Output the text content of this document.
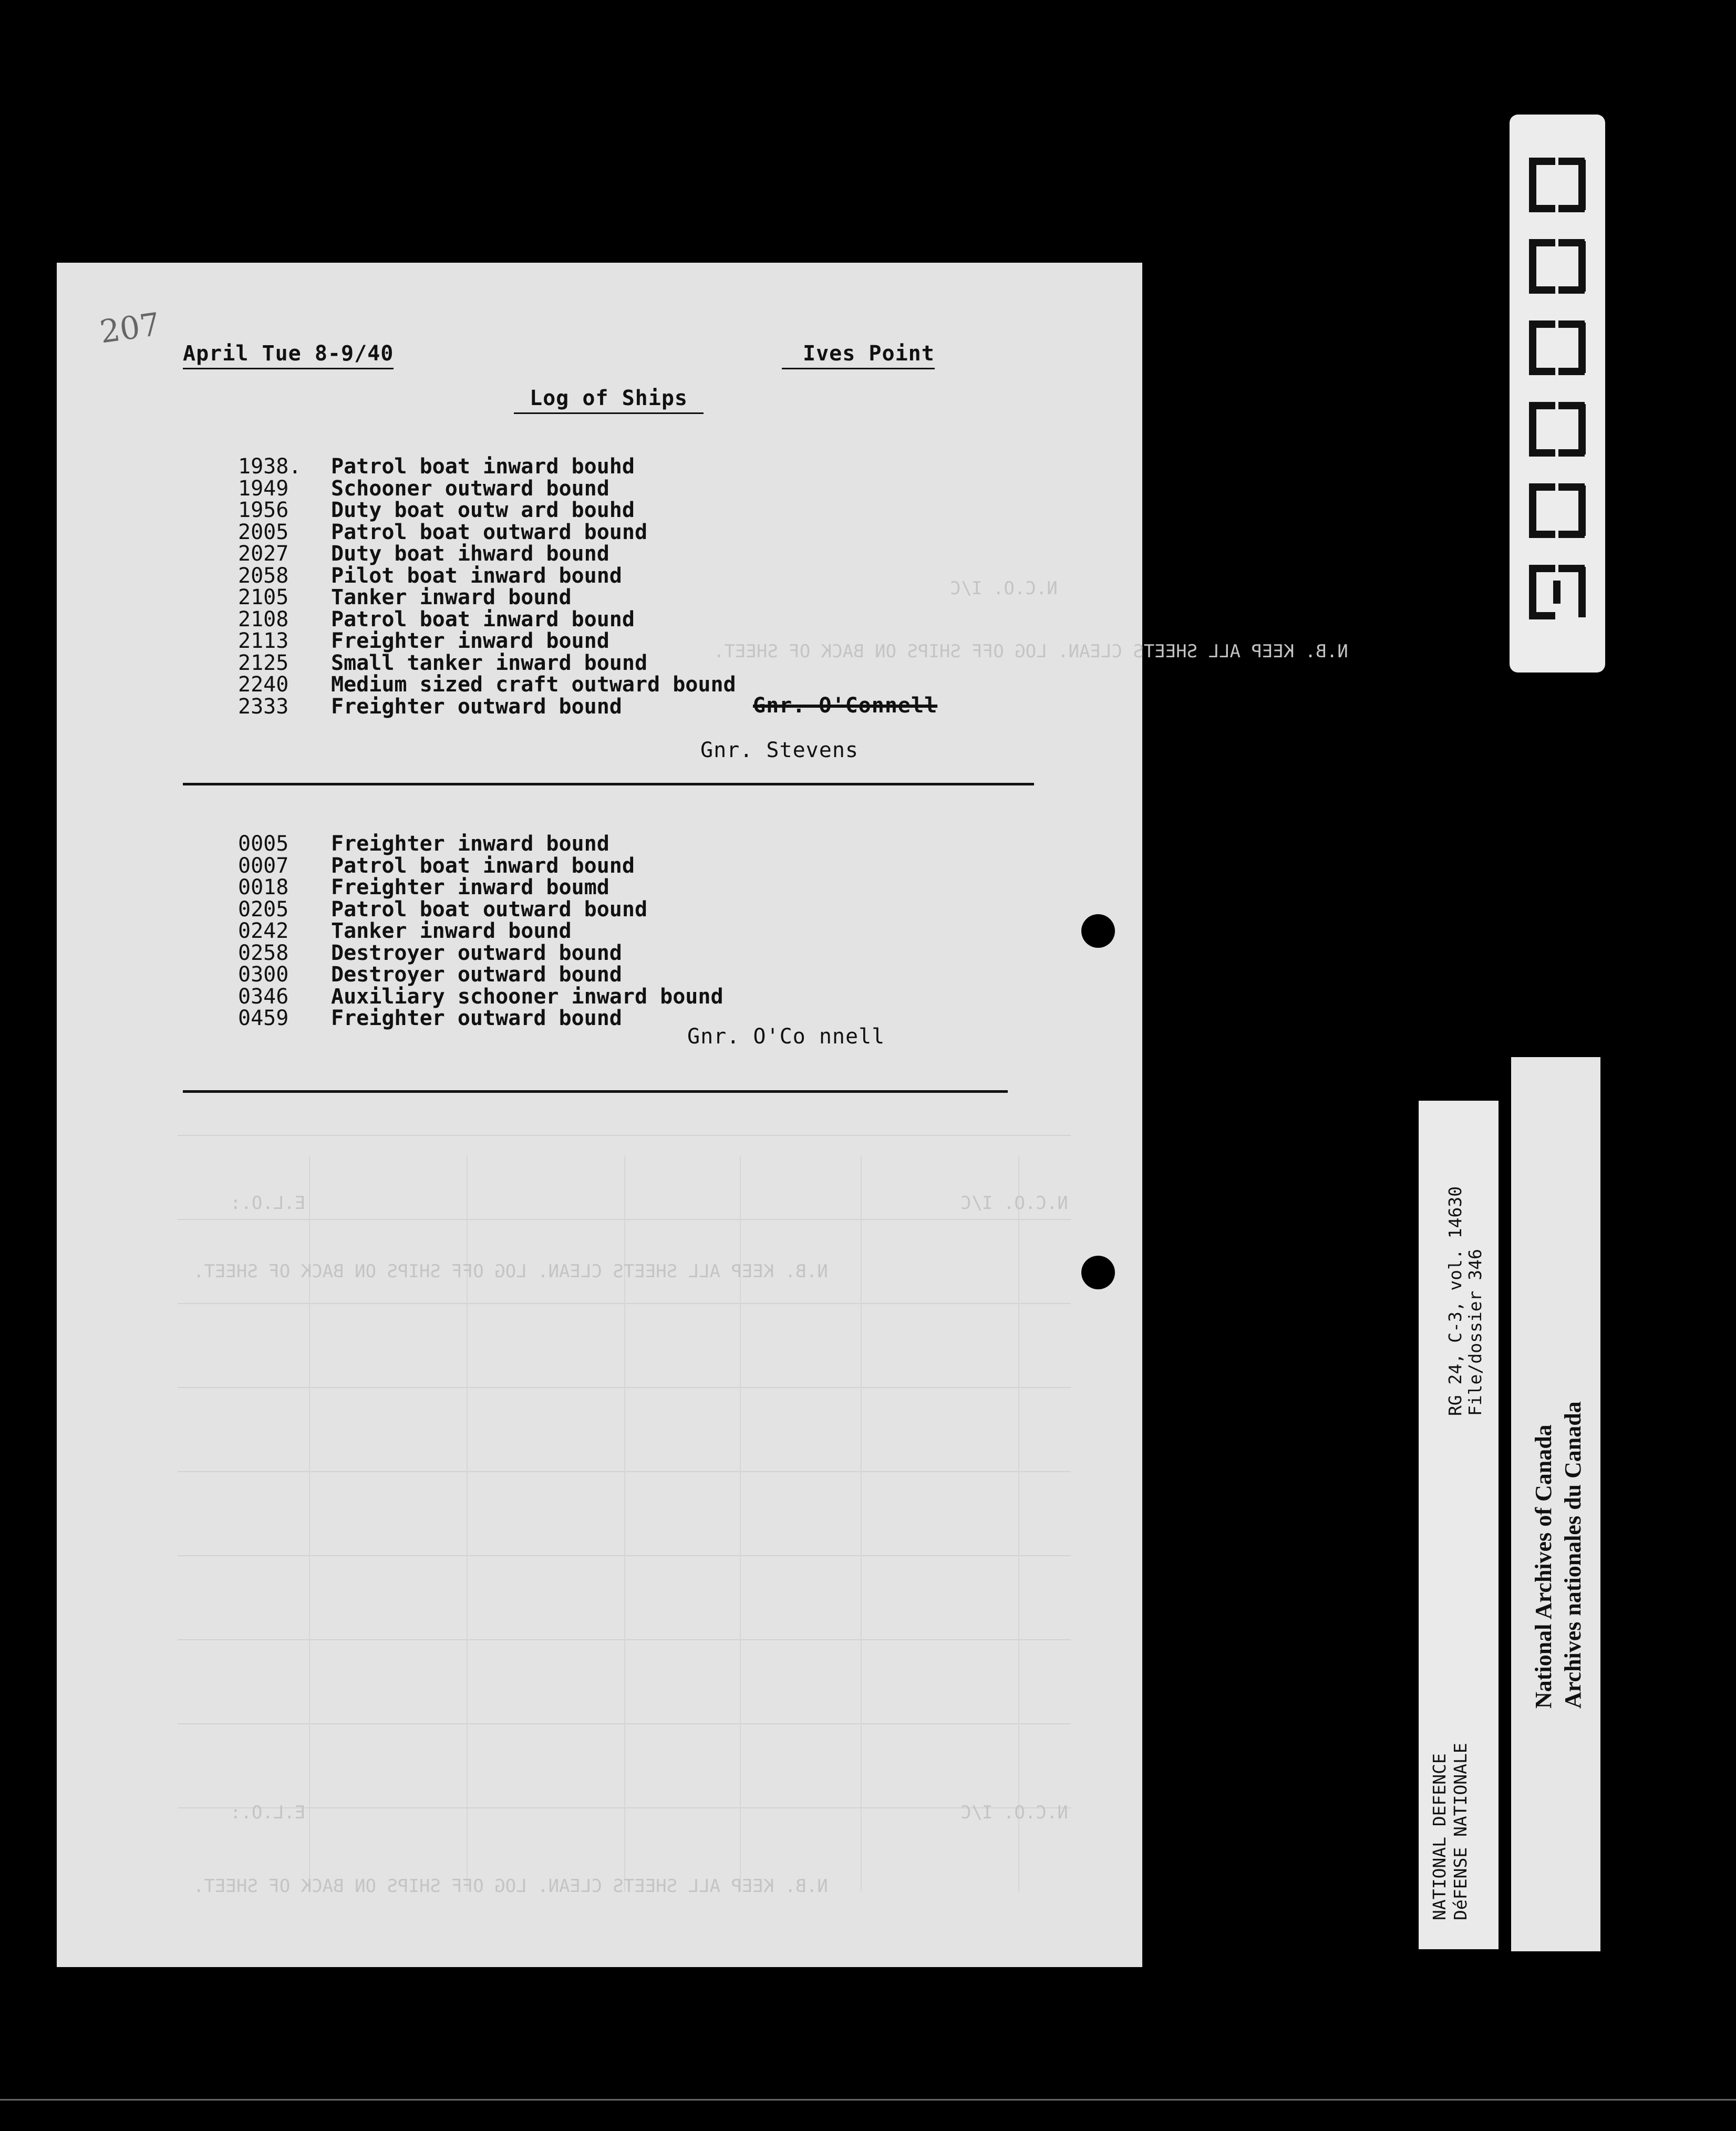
N.C.O. I/C
E.L.O.:
N.B. KEEP ALL SHEETS CLEAN. LOG OFF SHIPS ON BACK OF SHEET.
N.C.O. I/C
E.L.O.:
N.B. KEEP ALL SHEETS CLEAN. LOG OFF SHIPS ON BACK OF SHEET.
N.C.O. I/C
N.B. KEEP ALL SHEETS CLEAN. LOG OFF SHIPS ON BACK OF SHEET.
April Tue 8-9/40	Ives Point
Log of Ships
Gnr. O'Connell
Gnr. Stevens
Gnr. O'Co nnell
1938.	Patrol boat inward bouhd
1949	Schooner outward bound
1956	Duty boat outw ard bouhd
2005	Patrol boat outward bound
2027	Duty boat ihward bound
2058	Pilot boat inward bound
2105	Tanker inward bound
2108	Patrol boat inward bound
2113	Freighter inward bound
2125	Small tanker inward bound
2240	Medium sized craft outward bound
2333	Freighter outward bound
0005	Freighter inward bound
0007	Patrol boat inward bound
0018	Freighter inward boumd
0205	Patrol boat outward bound
0242	Tanker inward bound
0258	Destroyer outward bound
0300	Destroyer outward bound
0346	Auxiliary schooner inward bound
0459	Freighter outward bound
207
NATIONAL DEFENCE DéFENSE NATIONALE
RG 24, C-3, vol. 14630 File/dossier 346
National Archives of Canada Archives nationales du Canada
